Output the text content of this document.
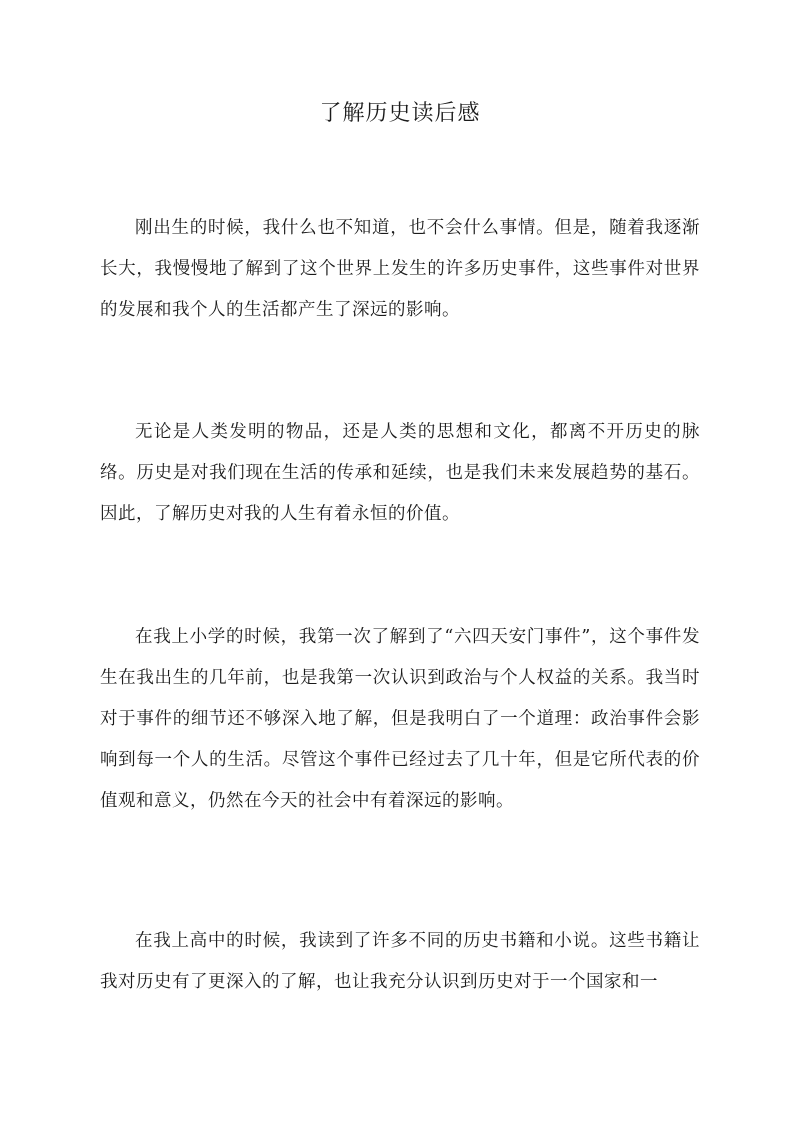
了解历史读后感

刚出生的时候，我什么也不知道，也不会什么事情。但是，随着我逐渐长大，我慢慢地了解到了这个世界上发生的许多历史事件，这些事件对世界的发展和我个人的生活都产生了深远的影响。

无论是人类发明的物品，还是人类的思想和文化，都离不开历史的脉络。历史是对我们现在生活的传承和延续，也是我们未来发展趋势的基石。因此，了解历史对我的人生有着永恒的价值。

在我上小学的时候，我第一次了解到了“六四天安门事件”，这个事件发生在我出生的几年前，也是我第一次认识到政治与个人权益的关系。我当时对于事件的细节还不够深入地了解，但是我明白了一个道理：政治事件会影响到每一个人的生活。尽管这个事件已经过去了几十年，但是它所代表的价值观和意义，仍然在今天的社会中有着深远的影响。

在我上高中的时候，我读到了许多不同的历史书籍和小说。这些书籍让我对历史有了更深入的了解，也让我充分认识到历史对于一个国家和一
